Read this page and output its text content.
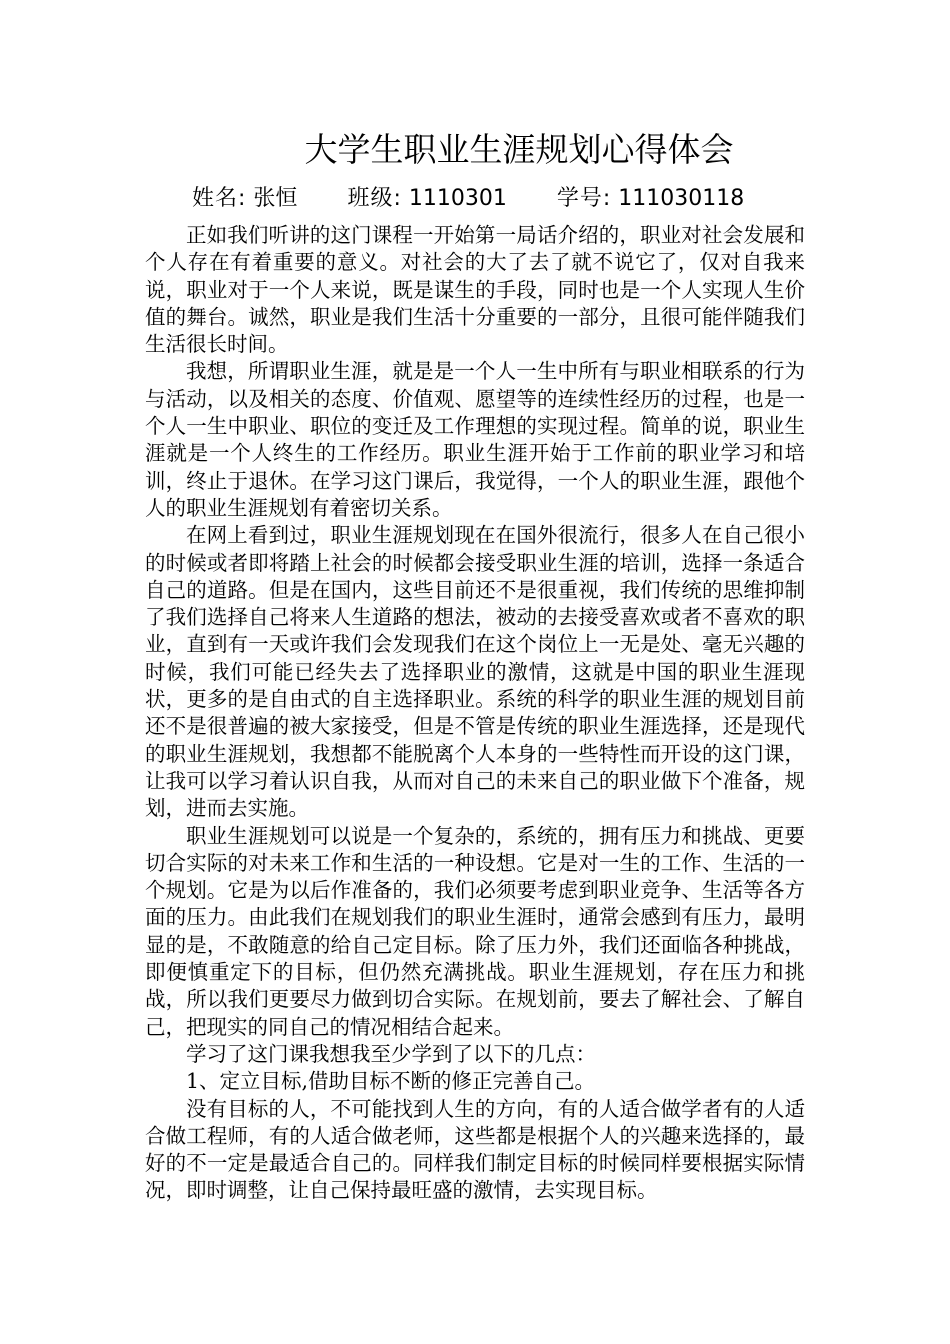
大学生职业生涯规划心得体会
姓名: 张恒 班级: 1110301 学号: 111030118

正如我们听讲的这门课程一开始第一局话介绍的，职业对社会发展和个人存在有着重要的意义。对社会的大了去了就不说它了，仅对自我来说，职业对于一个人来说，既是谋生的手段，同时也是一个人实现人生价值的舞台。诚然，职业是我们生活十分重要的一部分，且很可能伴随我们生活很长时间。

我想，所谓职业生涯，就是是一个人一生中所有与职业相联系的行为与活动，以及相关的态度、价值观、愿望等的连续性经历的过程，也是一个人一生中职业、职位的变迁及工作理想的实现过程。简单的说，职业生涯就是一个人终生的工作经历。职业生涯开始于工作前的职业学习和培训，终止于退休。在学习这门课后，我觉得，一个人的职业生涯，跟他个人的职业生涯规划有着密切关系。

在网上看到过，职业生涯规划现在在国外很流行，很多人在自己很小的时候或者即将踏上社会的时候都会接受职业生涯的培训，选择一条适合自己的道路。但是在国内，这些目前还不是很重视，我们传统的思维抑制了我们选择自己将来人生道路的想法，被动的去接受喜欢或者不喜欢的职业，直到有一天或许我们会发现我们在这个岗位上一无是处、毫无兴趣的时候，我们可能已经失去了选择职业的激情，这就是中国的职业生涯现状，更多的是自由式的自主选择职业。系统的科学的职业生涯的规划目前还不是很普遍的被大家接受，但是不管是传统的职业生涯选择，还是现代的职业生涯规划，我想都不能脱离个人本身的一些特性而开设的这门课，让我可以学习着认识自我，从而对自己的未来自己的职业做下个准备，规划，进而去实施。

职业生涯规划可以说是一个复杂的，系统的，拥有压力和挑战、更要切合实际的对未来工作和生活的一种设想。它是对一生的工作、生活的一个规划。它是为以后作准备的，我们必须要考虑到职业竞争、生活等各方面的压力。由此我们在规划我们的职业生涯时，通常会感到有压力，最明显的是，不敢随意的给自己定目标。除了压力外，我们还面临各种挑战，即便慎重定下的目标，但仍然充满挑战。职业生涯规划，存在压力和挑战，所以我们更要尽力做到切合实际。在规划前，要去了解社会、了解自己，把现实的同自己的情况相结合起来。

学习了这门课我想我至少学到了以下的几点：

1、定立目标,借助目标不断的修正完善自己。

没有目标的人，不可能找到人生的方向，有的人适合做学者有的人适合做工程师，有的人适合做老师，这些都是根据个人的兴趣来选择的，最好的不一定是最适合自己的。同样我们制定目标的时候同样要根据实际情况，即时调整，让自己保持最旺盛的激情，去实现目标。
